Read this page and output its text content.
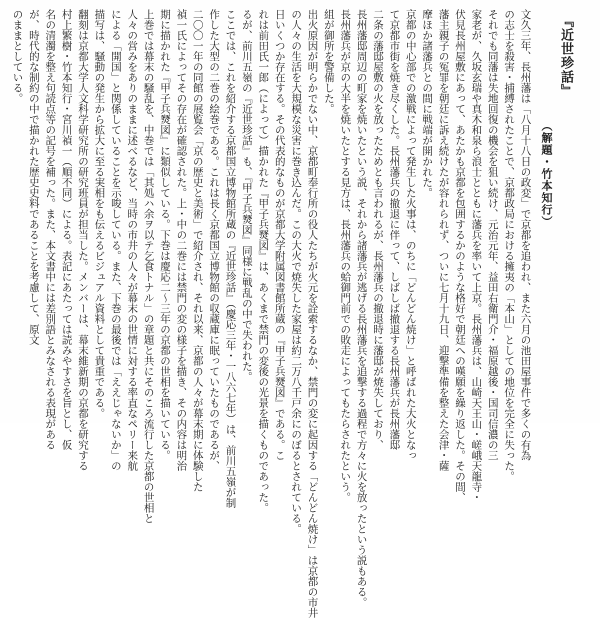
『近世珍話』
（解題・竹本知行）
文久三年、長州藩は「八月十八日の政変」で京都を追われ、また六月の池田屋事件で多くの有為
の志士を殺害・捕縛されたことで、京都政局における擁夷の「本山」としての地位を完全に失った。
それでも同藩は失地回復の機会を狙い続け、元治元年、益田右衛門介・福原越後・国司信濃の三
家老が、久坂玄瑞や真木和泉ら浪士とともに藩兵を率いて上京。長州藩兵は、山崎天王山・嵯峨天龍寺・
伏見長州屋敷にあって、あたかも京都を包囲するかのような格好で朝廷への嘆願を繰り返した。その間、
藩主親子の冤罪を朝廷に訴え続けたが容れられず、ついに七月十九日、迎撃準備を整えた会津・薩
摩ほか諸藩兵との間に戦端が開かれた。
京都の中心部での激戦によって発生した火事は、のちに「どんどん焼け」と呼ばれた大火となっ
て京都市街を焼き尽くした。長州藩兵の撤退に伴って、しばしば撤退する長州藩兵が長州藩邸
二条の藩邸屋敷の火を放ったためとも言われるが、長州藩兵の撤退時に藩邸が焼失しており、
長州藩邸周辺の町家を焼いたという説、それから諸藩兵が逃げる長州藩兵を追撃する過程で方々に火を放ったという説もある。
長州藩兵が京の大半を焼いたとする見方は、長州藩兵の蛤御門前での敗走によってもたらされたという。
組が御所を警備した。
出火原因が明らかでない中、京都町奉行所の役人たちが火元を詮索するなか、禁門の変に起因する「どんどん焼け」は京都の市井
の人々の生活を大規模な災害に巻き込んだ。この大火で焼失した家屋は約二万八千戸余にのぼるとされている。
日いくつか存在する。その代表的なものが京都大学附属図書館所蔵の『甲子兵燹図』である。こ
れは前田氏一郎（によって）描かれた『甲子兵燹図』は、あくまで禁門の変後の光景を描くものであった。
るが、前川五嶺の『近世珍話』も、『甲子兵燹図』同様に戦乱の中で失われた。
ここでは、これを紹介する京都国立博物館所蔵の『近世珍話』（慶応三年・一八六七年）は、前川五嶺が制
作した大型の二巻の絵巻である。これは長く京都国立博物館の収蔵庫に眠っていたものであるが、
二〇〇一年の同館の展覧会「京の歴史と美術」で紹介され、それ以来、京都の人々が幕末期に体験した
禎一氏によってその存在が確認された。上・中の二巻には禁門の変の様子を描き、その内容は明治
期に描かれた『甲子兵燹図』に類似している。下巻は慶応二～三年の京都の世相を描いている。
上巻では幕末の騒乱を、中巻では「其処ハ余ヲ以テ乞食トナル」の章題と共にそのころ流行した京都の世相と
人々の営みをありのままに述べるなど、当時の市井の人々が幕末の世情に対する率直なペリー来航
による「開国」と関係していることを示唆している。また、下巻の最後では「ええじゃないか」の
描写は、騒動の発生から拡大に至る実相をも伝えるビジュアル資料として貴重である。
翻刻は京都大学人文科学研究所の研究班員が担当した。メンバーは、幕末維新期の京都を研究する
村上繁樹・竹本知行・宮川禎一（順不同）による。表記にあたっては読みやすさを旨とし、仮
名の清濁を整え句読点等の記号を補った。また、本文書中には差別語とみなされる表現がある
が、時代的な制約の中で描かれた歴史史料であることを考慮して、原文
のままとしている。
